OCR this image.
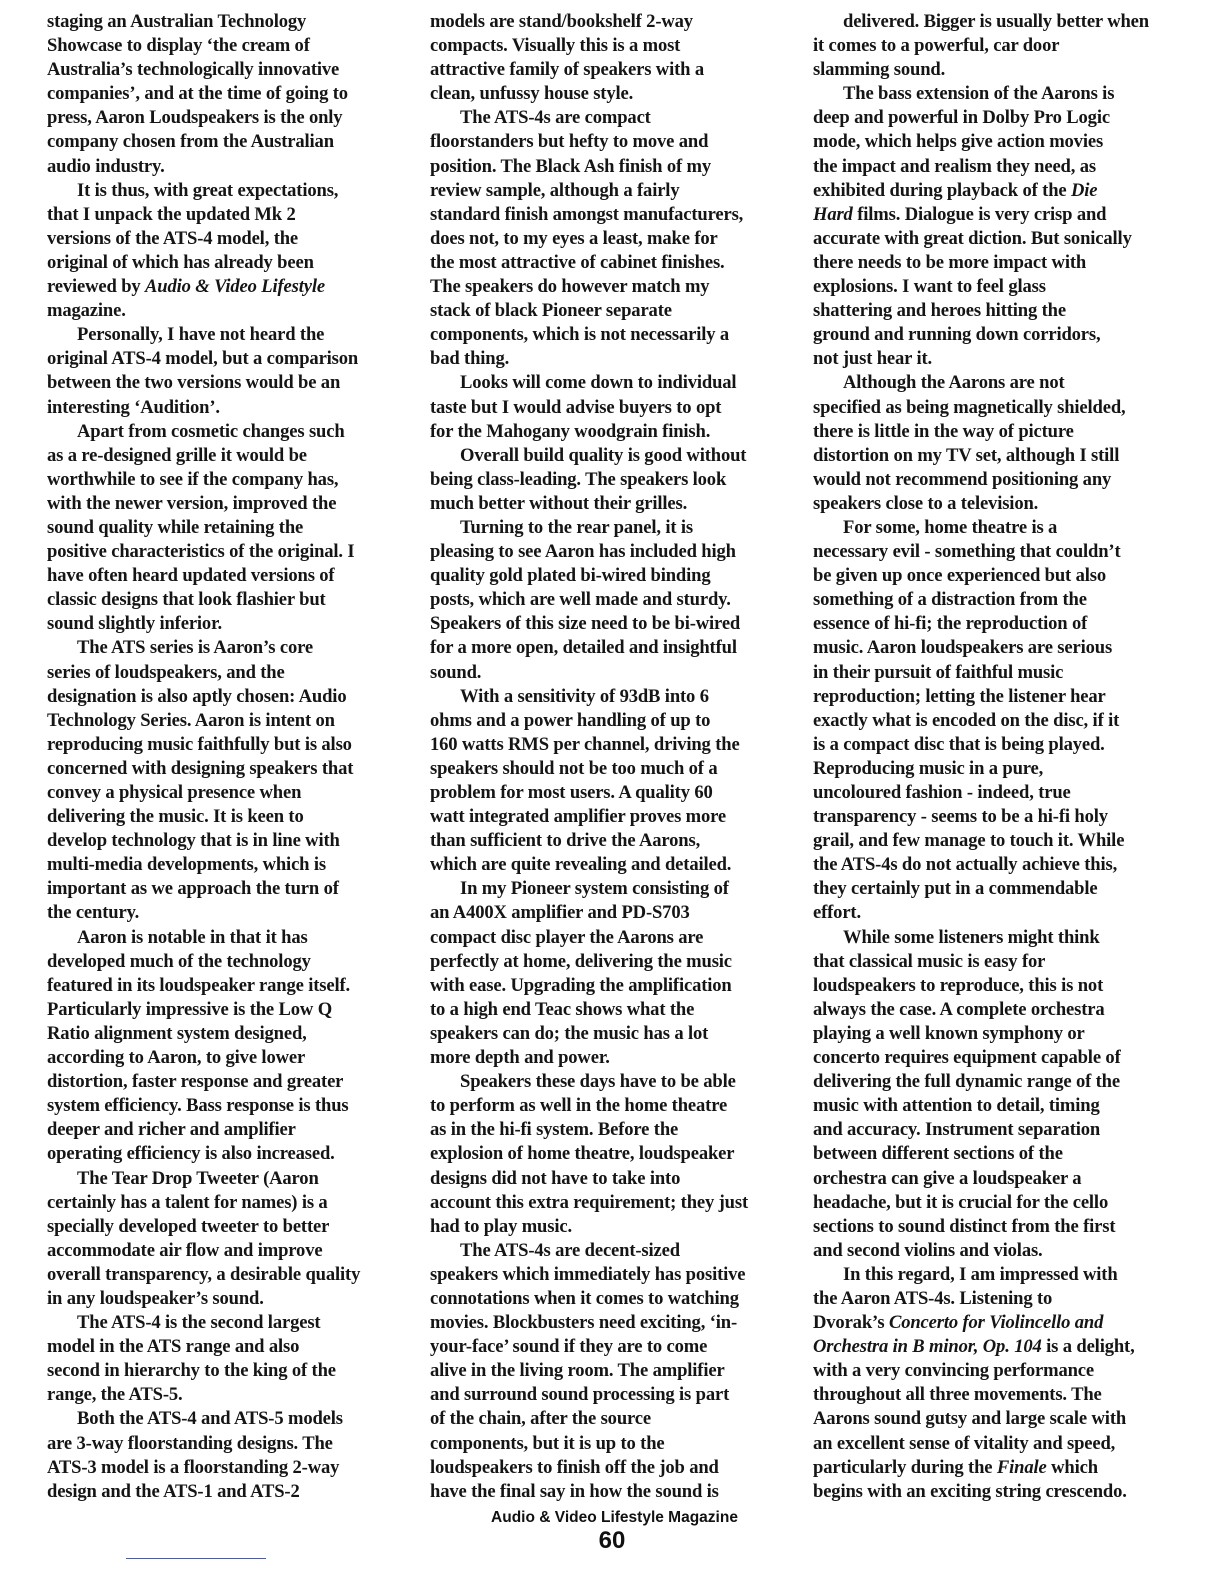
staging an Australian Technology

Showcase to display ‘the cream of

Australia’s technologically innovative

companies’, and at the time of going to

press, Aaron Loudspeakers is the only

company chosen from the Australian

audio industry.

It is thus, with great expectations,

that I unpack the updated Mk 2

versions of the ATS-4 model, the

original of which has already been

reviewed by Audio & Video Lifestyle

magazine.

Personally, I have not heard the

original ATS-4 model, but a comparison

between the two versions would be an

interesting ‘Audition’.

Apart from cosmetic changes such

as a re-designed grille it would be

worthwhile to see if the company has,

with the newer version, improved the

sound quality while retaining the

positive characteristics of the original. I

have often heard updated versions of

classic designs that look flashier but

sound slightly inferior.

The ATS series is Aaron’s core

series of loudspeakers, and the

designation is also aptly chosen: Audio

Technology Series. Aaron is intent on

reproducing music faithfully but is also

concerned with designing speakers that

convey a physical presence when

delivering the music. It is keen to

develop technology that is in line with

multi-media developments, which is

important as we approach the turn of

the century.

Aaron is notable in that it has

developed much of the technology

featured in its loudspeaker range itself.

Particularly impressive is the Low Q

Ratio alignment system designed,

according to Aaron, to give lower

distortion, faster response and greater

system efficiency. Bass response is thus

deeper and richer and amplifier

operating efficiency is also increased.

The Tear Drop Tweeter (Aaron

certainly has a talent for names) is a

specially developed tweeter to better

accommodate air flow and improve

overall transparency, a desirable quality

in any loudspeaker’s sound.

The ATS-4 is the second largest

model in the ATS range and also

second in hierarchy to the king of the

range, the ATS-5.

Both the ATS-4 and ATS-5 models

are 3-way floorstanding designs. The

ATS-3 model is a floorstanding 2-way

design and the ATS-1 and ATS-2

models are stand/bookshelf 2-way

compacts. Visually this is a most

attractive family of speakers with a

clean, unfussy house style.

The ATS-4s are compact

floorstanders but hefty to move and

position. The Black Ash finish of my

review sample, although a fairly

standard finish amongst manufacturers,

does not, to my eyes a least, make for

the most attractive of cabinet finishes.

The speakers do however match my

stack of black Pioneer separate

components, which is not necessarily a

bad thing.

Looks will come down to individual

taste but I would advise buyers to opt

for the Mahogany woodgrain finish.

Overall build quality is good without

being class-leading. The speakers look

much better without their grilles.

Turning to the rear panel, it is

pleasing to see Aaron has included high

quality gold plated bi-wired binding

posts, which are well made and sturdy.

Speakers of this size need to be bi-wired

for a more open, detailed and insightful

sound.

With a sensitivity of 93dB into 6

ohms and a power handling of up to

160 watts RMS per channel, driving the

speakers should not be too much of a

problem for most users. A quality 60

watt integrated amplifier proves more

than sufficient to drive the Aarons,

which are quite revealing and detailed.

In my Pioneer system consisting of

an A400X amplifier and PD-S703

compact disc player the Aarons are

perfectly at home, delivering the music

with ease. Upgrading the amplification

to a high end Teac shows what the

speakers can do; the music has a lot

more depth and power.

Speakers these days have to be able

to perform as well in the home theatre

as in the hi-fi system. Before the

explosion of home theatre, loudspeaker

designs did not have to take into

account this extra requirement; they just

had to play music.

The ATS-4s are decent-sized

speakers which immediately has positive

connotations when it comes to watching

movies. Blockbusters need exciting, ‘in-

your-face’ sound if they are to come

alive in the living room. The amplifier

and surround sound processing is part

of the chain, after the source

components, but it is up to the

loudspeakers to finish off the job and

have the final say in how the sound is

delivered. Bigger is usually better when

it comes to a powerful, car door

slamming sound.

The bass extension of the Aarons is

deep and powerful in Dolby Pro Logic

mode, which helps give action movies

the impact and realism they need, as

exhibited during playback of the Die

Hard films. Dialogue is very crisp and

accurate with great diction. But sonically

there needs to be more impact with

explosions. I want to feel glass

shattering and heroes hitting the

ground and running down corridors,

not just hear it.

Although the Aarons are not

specified as being magnetically shielded,

there is little in the way of picture

distortion on my TV set, although I still

would not recommend positioning any

speakers close to a television.

For some, home theatre is a

necessary evil - something that couldn’t

be given up once experienced but also

something of a distraction from the

essence of hi-fi; the reproduction of

music. Aaron loudspeakers are serious

in their pursuit of faithful music

reproduction; letting the listener hear

exactly what is encoded on the disc, if it

is a compact disc that is being played.

Reproducing music in a pure,

uncoloured fashion - indeed, true

transparency - seems to be a hi-fi holy

grail, and few manage to touch it. While

the ATS-4s do not actually achieve this,

they certainly put in a commendable

effort.

While some listeners might think

that classical music is easy for

loudspeakers to reproduce, this is not

always the case. A complete orchestra

playing a well known symphony or

concerto requires equipment capable of

delivering the full dynamic range of the

music with attention to detail, timing

and accuracy. Instrument separation

between different sections of the

orchestra can give a loudspeaker a

headache, but it is crucial for the cello

sections to sound distinct from the first

and second violins and violas.

In this regard, I am impressed with

the Aaron ATS-4s. Listening to

Dvorak’s Concerto for Violincello and

Orchestra in B minor, Op. 104 is a delight,

with a very convincing performance

throughout all three movements. The

Aarons sound gutsy and large scale with

an excellent sense of vitality and speed,

particularly during the Finale which

begins with an exciting string crescendo.

Audio & Video Lifestyle Magazine
60
